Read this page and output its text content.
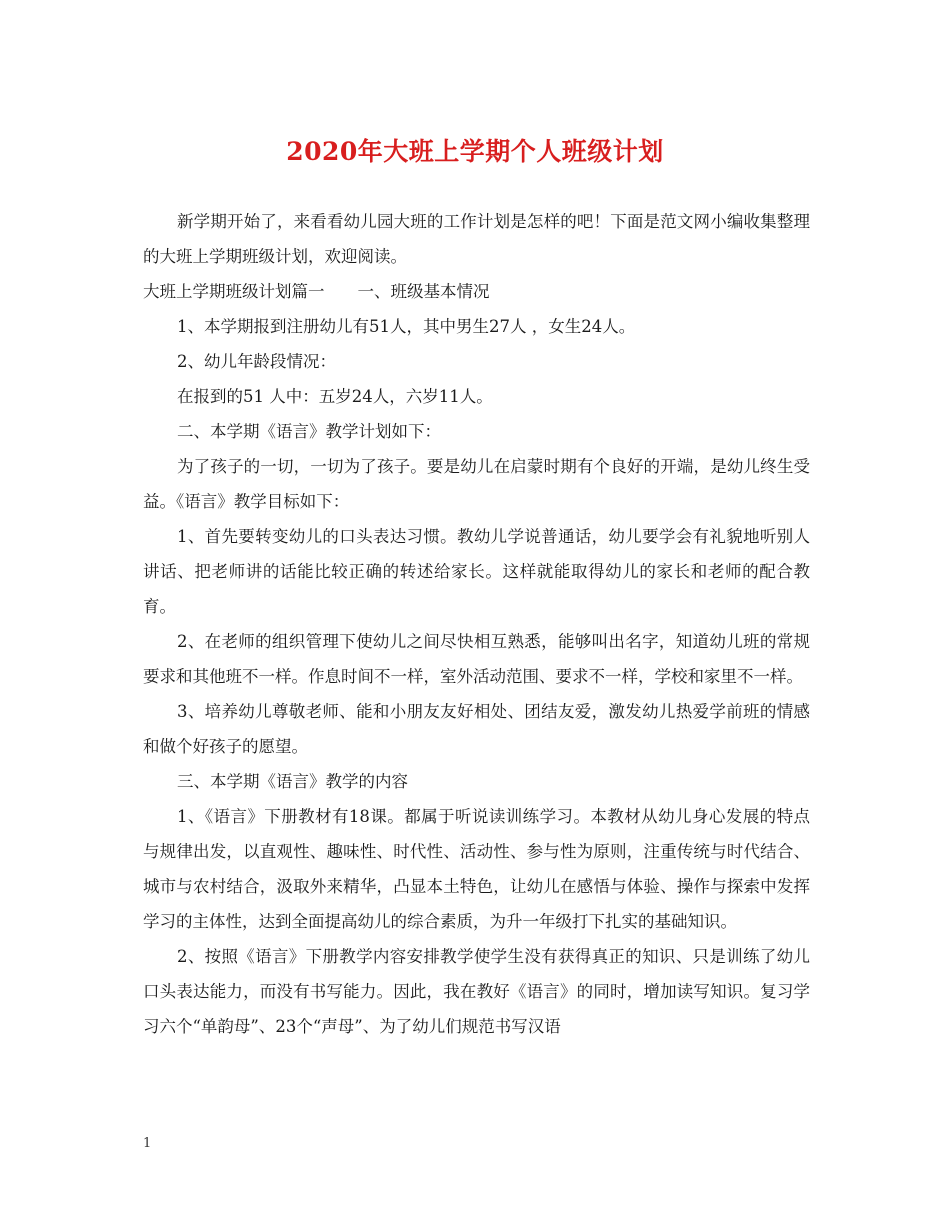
2020年大班上学期个人班级计划

新学期开始了，来看看幼儿园大班的工作计划是怎样的吧！下面是范文网小编收集整理的大班上学期班级计划，欢迎阅读。

大班上学期班级计划篇一　　一、班级基本情况

1、本学期报到注册幼儿有51人，其中男生27人 ，女生24人。

2、幼儿年龄段情况：

在报到的51 人中：五岁24人，六岁11人。

二、本学期《语言》教学计划如下：

为了孩子的一切，一切为了孩子。要是幼儿在启蒙时期有个良好的开端，是幼儿终生受益。《语言》教学目标如下：

1、首先要转变幼儿的口头表达习惯。教幼儿学说普通话，幼儿要学会有礼貌地听别人讲话、把老师讲的话能比较正确的转述给家长。这样就能取得幼儿的家长和老师的配合教育。

2、在老师的组织管理下使幼儿之间尽快相互熟悉，能够叫出名字，知道幼儿班的常规要求和其他班不一样。作息时间不一样，室外活动范围、要求不一样，学校和家里不一样。

3、培养幼儿尊敬老师、能和小朋友友好相处、团结友爱，激发幼儿热爱学前班的情感和做个好孩子的愿望。

三、本学期《语言》教学的内容

1、《语言》下册教材有18课。都属于听说读训练学习。本教材从幼儿身心发展的特点与规律出发，以直观性、趣味性、时代性、活动性、参与性为原则，注重传统与时代结合、城市与农村结合，汲取外来精华，凸显本土特色，让幼儿在感悟与体验、操作与探索中发挥学习的主体性，达到全面提高幼儿的综合素质，为升一年级打下扎实的基础知识。

2、按照《语言》下册教学内容安排教学使学生没有获得真正的知识、只是训练了幼儿口头表达能力，而没有书写能力。因此，我在教好《语言》的同时，增加读写知识。复习学习六个“单韵母”、23个“声母”、为了幼儿们规范书写汉语

1
